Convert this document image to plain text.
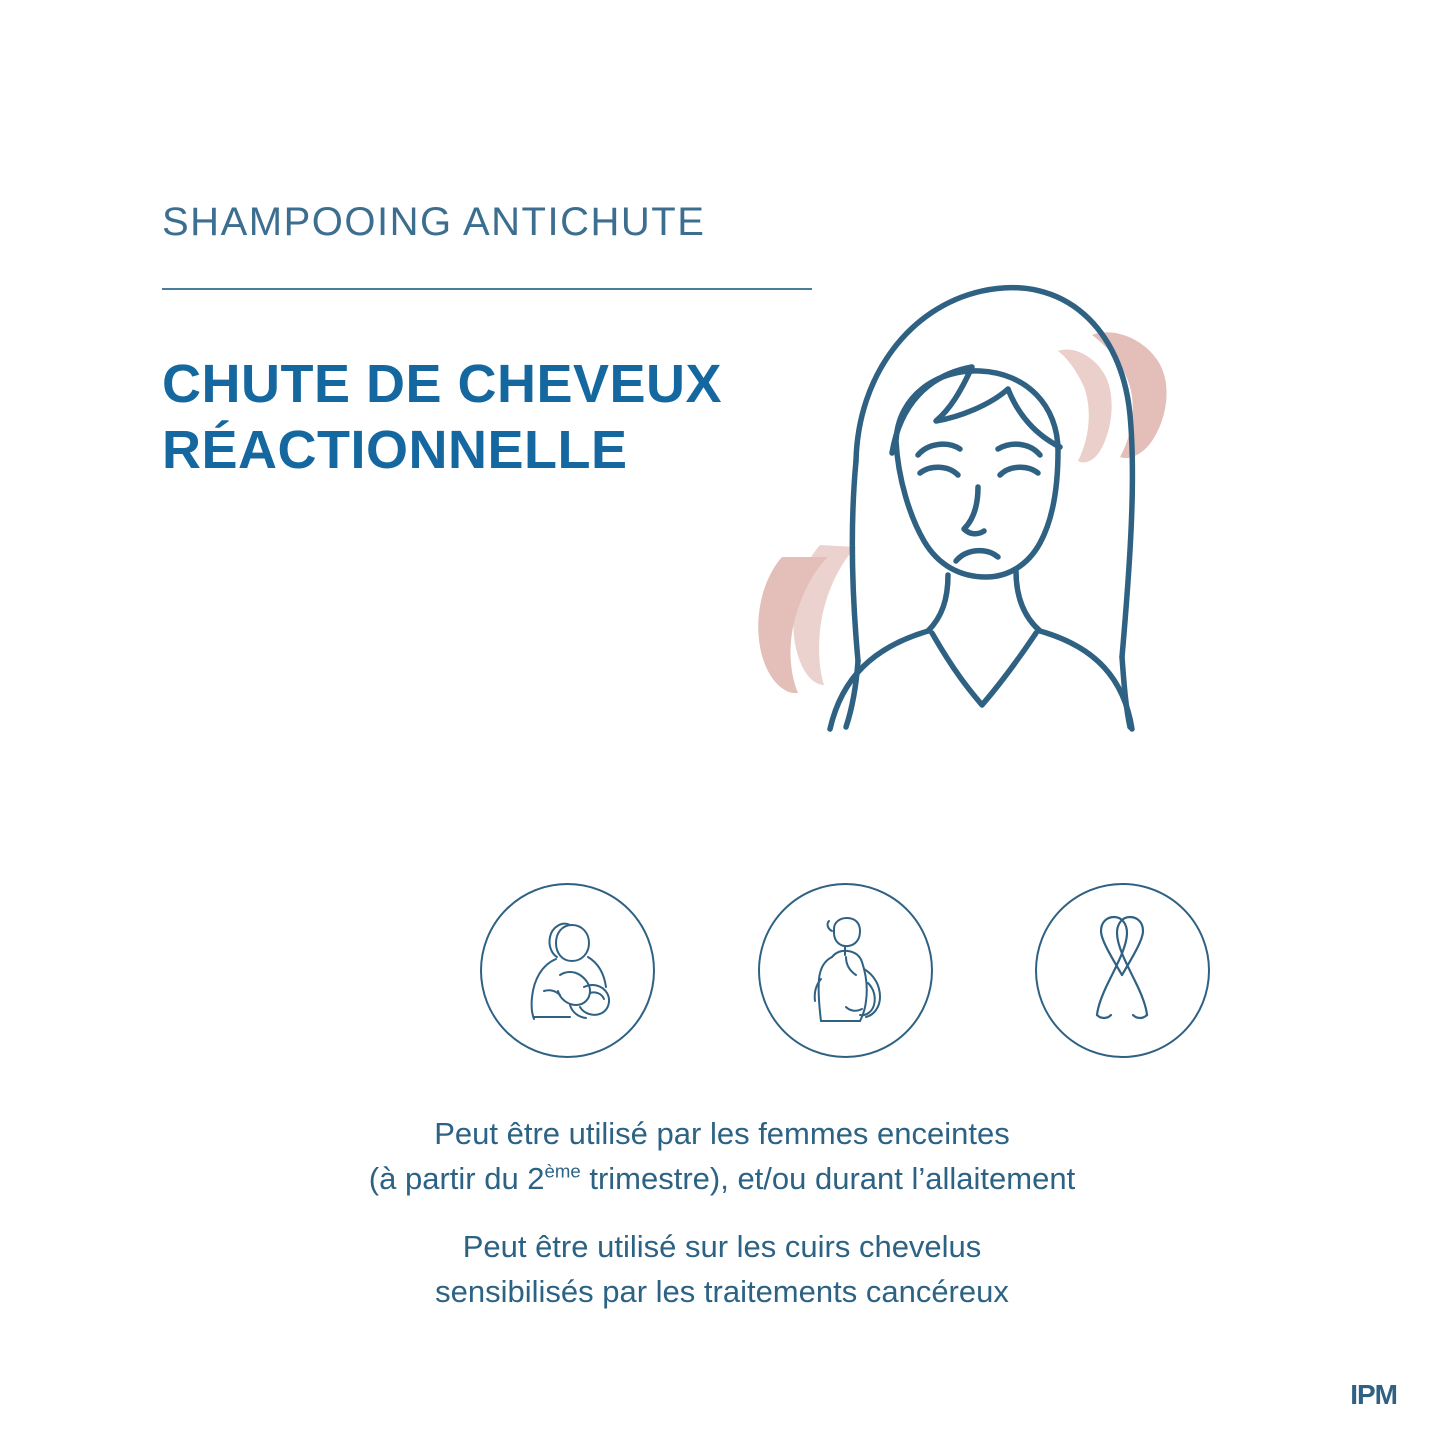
SHAMPOOING ANTICHUTE
CHUTE DE CHEVEUX
RÉACTIONNELLE
Peut être utilisé par les femmes enceintes
(à partir du 2ème trimestre), et/ou durant l’allaitement
Peut être utilisé sur les cuirs chevelus
sensibilisés par les traitements cancéreux
IPM
